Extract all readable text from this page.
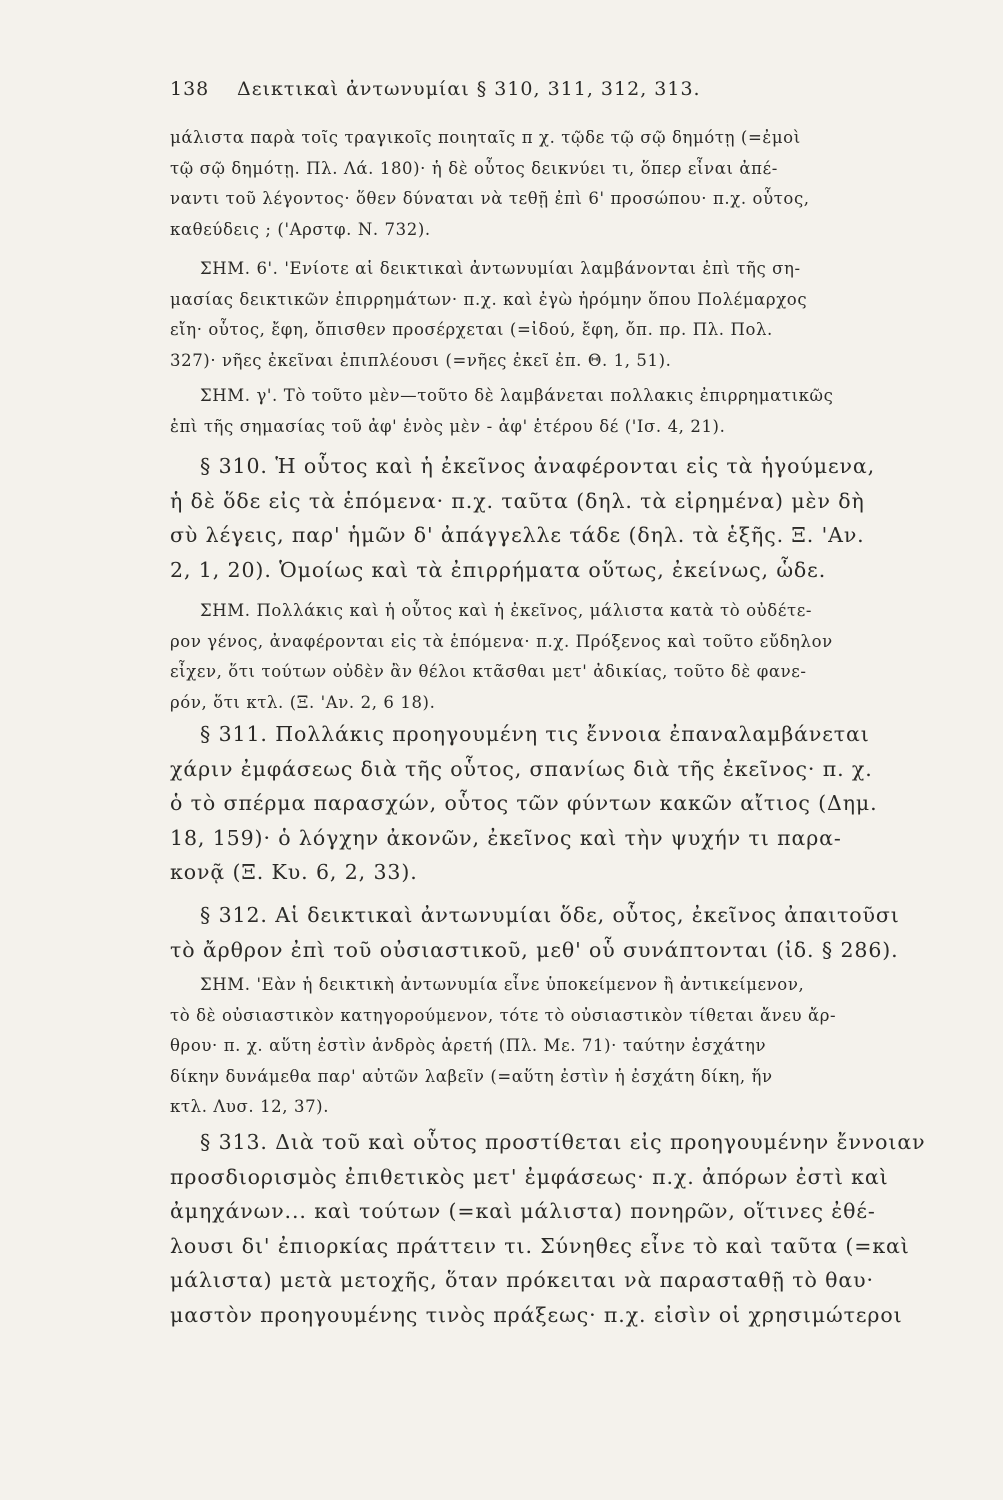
138 Δεικτικαὶ ἀντωνυμίαι § 310, 311, 312, 313.
μάλιστα παρὰ τοῖς τραγικοῖς ποιηταῖς π χ. τῷδε τῷ σῷ δημότῃ (=ἐμοὶ
τῷ σῷ δημότῃ. Πλ. Λά. 180)· ἡ δὲ οὗτος δεικνύει τι, ὅπερ εἶναι ἀπέ-
ναντι τοῦ λέγοντος· ὅθεν δύναται νὰ τεθῇ ἐπὶ 6' προσώπου· π.χ. οὗτος,
καθεύδεις ; ('Αρστφ. Ν. 732).
ΣΗΜ. 6'. 'Ενίοτε αἱ δεικτικαὶ ἀντωνυμίαι λαμβάνονται ἐπὶ τῆς ση-
μασίας δεικτικῶν ἐπιρρημάτων· π.χ. καὶ ἐγὼ ἠρόμην ὅπου Πολέμαρχος
εἴη· οὗτος, ἔφη, ὄπισθεν προσέρχεται (=ἰδού, ἔφη, ὄπ. πρ. Πλ. Πολ.
327)· νῆες ἐκεῖναι ἐπιπλέουσι (=νῆες ἐκεῖ ἐπ. Θ. 1, 51).
ΣΗΜ. γ'. Τὸ τοῦτο μὲν—τοῦτο δὲ λαμβάνεται πολλακις ἐπιρρηματικῶς
ἐπὶ τῆς σημασίας τοῦ ἀφ' ἑνὸς μὲν - ἀφ' ἑτέρου δέ ('Ισ. 4, 21).
§ 310. Ἡ οὗτος καὶ ἡ ἐκεῖνος ἀναφέρονται εἰς τὰ ἡγούμενα,
ἡ δὲ ὅδε εἰς τὰ ἑπόμενα· π.χ. ταῦτα (δηλ. τὰ εἰρημένα) μὲν δὴ
σὺ λέγεις, παρ' ἡμῶν δ' ἀπάγγελλε τάδε (δηλ. τὰ ἑξῆς. Ξ. 'Αν.
2, 1, 20). Ὁμοίως καὶ τὰ ἐπιρρήματα οὕτως, ἐκείνως, ὧδε.
ΣΗΜ. Πολλάκις καὶ ἡ οὗτος καὶ ἡ ἐκεῖνος, μάλιστα κατὰ τὸ οὐδέτε-
ρον γένος, ἀναφέρονται εἰς τὰ ἑπόμενα· π.χ. Πρόξενος καὶ τοῦτο εὔδηλον
εἶχεν, ὅτι τούτων οὐδὲν ἂν θέλοι κτᾶσθαι μετ' ἀδικίας, τοῦτο δὲ φανε-
ρόν, ὅτι κτλ. (Ξ. 'Αν. 2, 6 18).
§ 311. Πολλάκις προηγουμένη τις ἔννοια ἐπαναλαμβάνεται
χάριν ἐμφάσεως διὰ τῆς οὗτος, σπανίως διὰ τῆς ἐκεῖνος· π. χ.
ὁ τὸ σπέρμα παρασχών, οὗτος τῶν φύντων κακῶν αἴτιος (Δημ.
18, 159)· ὁ λόγχην ἀκονῶν, ἐκεῖνος καὶ τὴν ψυχήν τι παρα-
κονᾷ (Ξ. Κυ. 6, 2, 33).
§ 312. Αἱ δεικτικαὶ ἀντωνυμίαι ὅδε, οὗτος, ἐκεῖνος ἀπαιτοῦσι
τὸ ἄρθρον ἐπὶ τοῦ οὐσιαστικοῦ, μεθ' οὗ συνάπτονται (ἰδ. § 286).
ΣΗΜ. 'Εὰν ἡ δεικτικὴ ἀντωνυμία εἶνε ὑποκείμενον ἢ ἀντικείμενον,
τὸ δὲ οὐσιαστικὸν κατηγορούμενον, τότε τὸ οὐσιαστικὸν τίθεται ἄνευ ἄρ-
θρου· π. χ. αὕτη ἐστὶν ἀνδρὸς ἀρετή (Πλ. Με. 71)· ταύτην ἐσχάτην
δίκην δυνάμεθα παρ' αὐτῶν λαβεῖν (=αὕτη ἐστὶν ἡ ἐσχάτη δίκη, ἥν
κτλ. Λυσ. 12, 37).
§ 313. Διὰ τοῦ καὶ οὗτος προστίθεται εἰς προηγουμένην ἔννοιαν
προσδιορισμὸς ἐπιθετικὸς μετ' ἐμφάσεως· π.χ. ἀπόρων ἐστὶ καὶ
ἀμηχάνων... καὶ τούτων (=καὶ μάλιστα) πονηρῶν, οἵτινες ἐθέ-
λουσι δι' ἐπιορκίας πράττειν τι. Σύνηθες εἶνε τὸ καὶ ταῦτα (=καὶ
μάλιστα) μετὰ μετοχῆς, ὅταν πρόκειται νὰ παρασταθῇ τὸ θαυ·
μαστὸν προηγουμένης τινὸς πράξεως· π.χ. εἰσὶν οἱ χρησιμώτεροι
